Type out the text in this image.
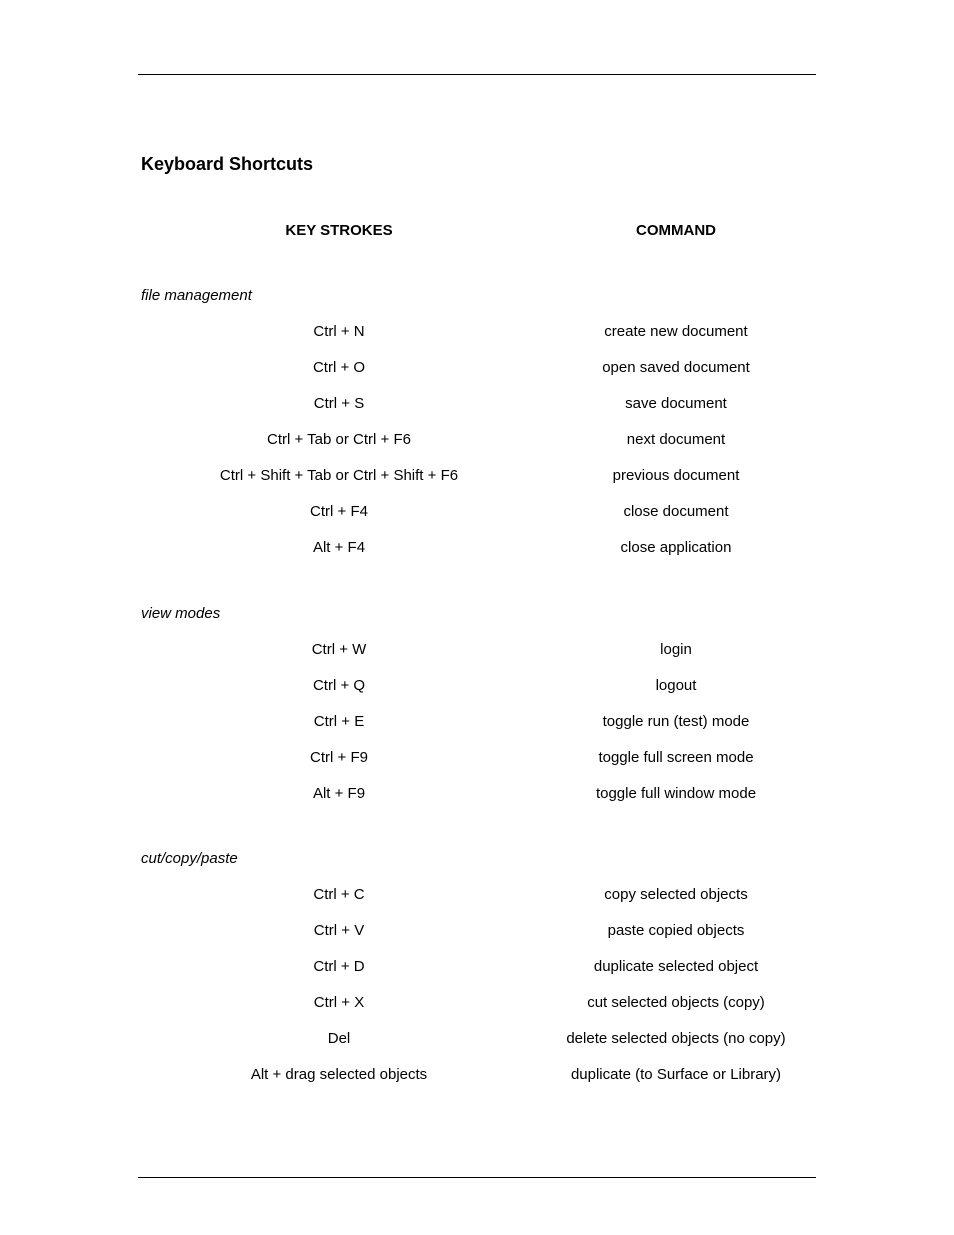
Keyboard Shortcuts
KEY STROKES	COMMAND
file management
Ctrl + N	create new document
Ctrl + O	open saved document
Ctrl + S	save document
Ctrl + Tab or Ctrl + F6	next document
Ctrl + Shift + Tab or Ctrl + Shift + F6	previous document
Ctrl + F4	close document
Alt + F4	close application
view modes
Ctrl + W	login
Ctrl + Q	logout
Ctrl + E	toggle run (test) mode
Ctrl + F9	toggle full screen mode
Alt + F9	toggle full window mode
cut/copy/paste
Ctrl + C	copy selected objects
Ctrl + V	paste copied objects
Ctrl + D	duplicate selected object
Ctrl + X	cut selected objects (copy)
Del	delete selected objects (no copy)
Alt + drag selected objects	duplicate (to Surface or Library)
